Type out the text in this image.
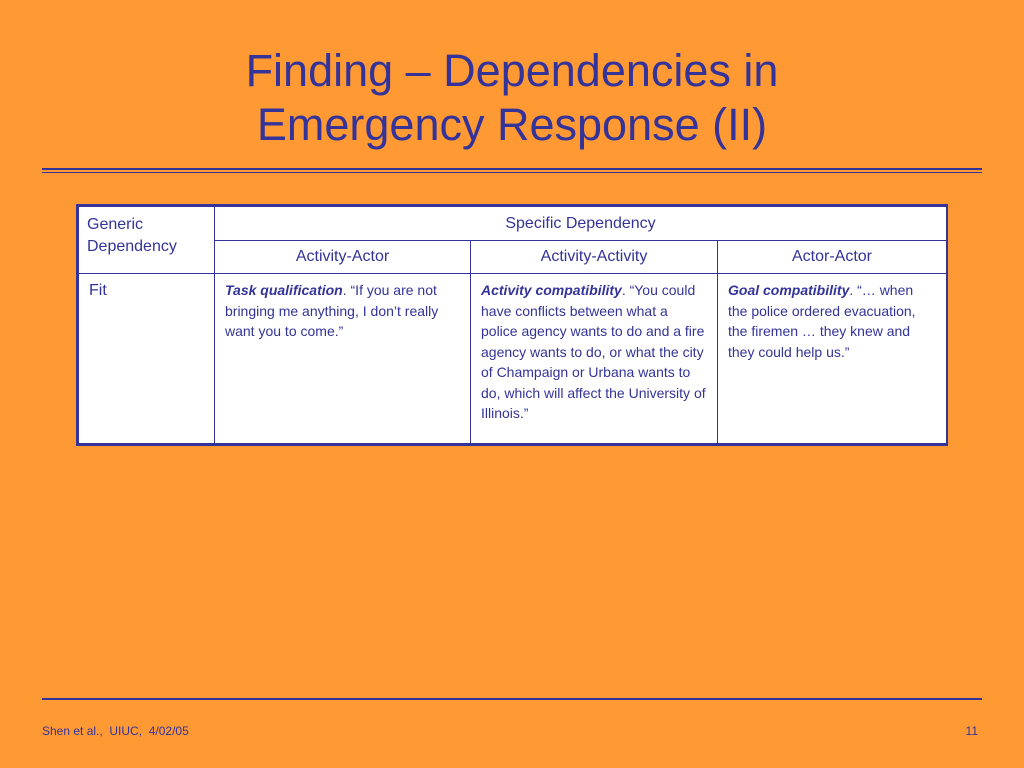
Finding – Dependencies in
Emergency Response (II)
Generic
Dependency	Specific Dependency		
	Activity-Actor	Activity-Activity	Actor-Actor
Fit	Task qualification. “If you are not bringing me anything, I don’t really want you to come.”	Activity compatibility. “You could have conflicts between what a police agency wants to do and a fire agency wants to do, or what the city of Champaign or Urbana wants to do, which will affect the University of Illinois.”	Goal compatibility. “… when the police ordered evacuation, the firemen … they knew and they could help us.”
Shen et al.,  UIUC,  4/02/05	11
